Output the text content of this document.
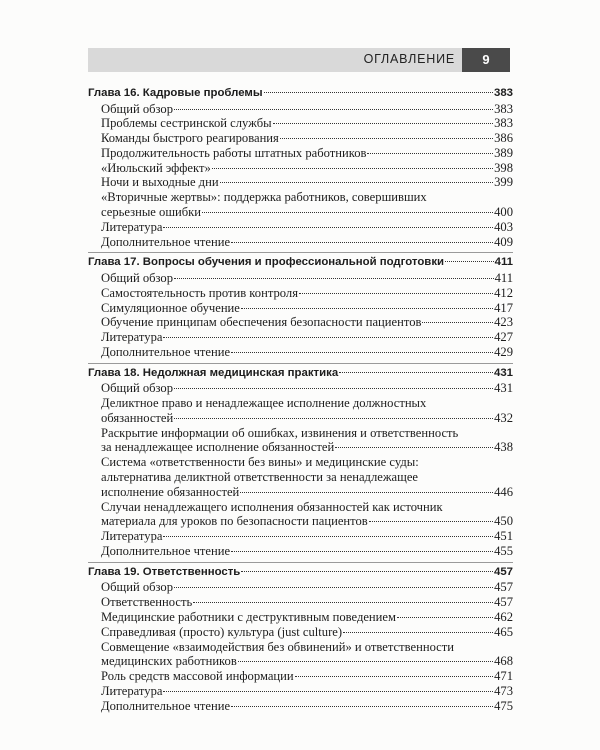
ОГЛАВЛЕНИЕ	9
Глава 16. Кадровые проблемы	383
Общий обзор	383
Проблемы сестринской службы	383
Команды быстрого реагирования	386
Продолжительность работы штатных работников	389
«Июльский эффект»	398
Ночи и выходные дни	399
«Вторичные жертвы»: поддержка работников, совершивших
серьезные ошибки	400
Литература	403
Дополнительное чтение	409
Глава 17. Вопросы обучения и профессиональной подготовки	411
Общий обзор	411
Самостоятельность против контроля	412
Симуляционное обучение	417
Обучение принципам обеспечения безопасности пациентов	423
Литература	427
Дополнительное чтение	429
Глава 18. Недолжная медицинская практика	431
Общий обзор	431
Деликтное право и ненадлежащее исполнение должностных
обязанностей	432
Раскрытие информации об ошибках, извинения и ответственность
за ненадлежащее исполнение обязанностей	438
Система «ответственности без вины» и медицинские суды:
альтернатива деликтной ответственности за ненадлежащее
исполнение обязанностей	446
Случаи ненадлежащего исполнения обязанностей как источник
материала для уроков по безопасности пациентов	450
Литература	451
Дополнительное чтение	455
Глава 19. Ответственность	457
Общий обзор	457
Ответственность	457
Медицинские работники с деструктивным поведением	462
Справедливая (просто) культура (just culture)	465
Совмещение «взаимодействия без обвинений» и ответственности
медицинских работников	468
Роль средств массовой информации	471
Литература	473
Дополнительное чтение	475
